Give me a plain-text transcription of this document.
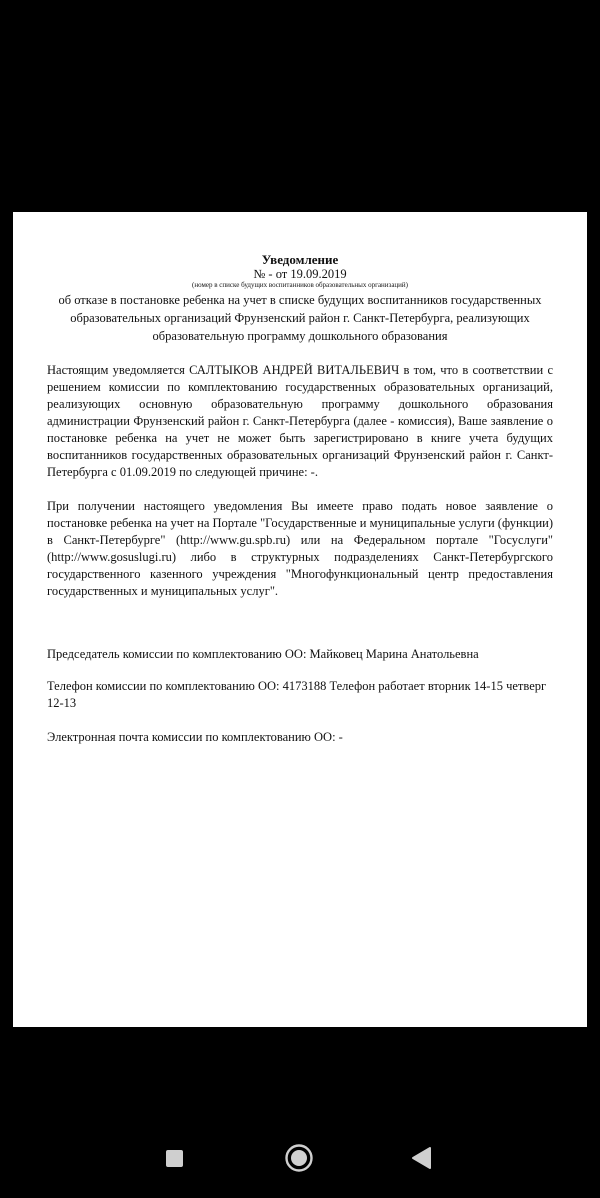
Уведомление

№ - от 19.09.2019

(номер в списке будущих воспитанников образовательных организаций)

об отказе в постановке ребенка на учет в списке будущих воспитанников государственных образовательных организаций Фрунзенский район г. Санкт-Петербурга, реализующих образовательную программу дошкольного образования

Настоящим уведомляется САЛТЫКОВ АНДРЕЙ ВИТАЛЬЕВИЧ в том, что в соответствии с решением комиссии по комплектованию государственных образовательных организаций, реализующих основную образовательную программу дошкольного образования администрации Фрунзенский район г. Санкт-Петербурга (далее - комиссия), Ваше заявление о постановке ребенка на учет не может быть зарегистрировано в книге учета будущих воспитанников государственных образовательных организаций Фрунзенский район г. Санкт-Петербурга с 01.09.2019 по следующей причине: -.

При получении настоящего уведомления Вы имеете право подать новое заявление о постановке ребенка на учет на Портале "Государственные и муниципальные услуги (функции) в Санкт-Петербурге" (http://www.gu.spb.ru) или на Федеральном портале "Госуслуги" (http://www.gosuslugi.ru) либо в структурных подразделениях Санкт-Петербургского государственного казенного учреждения "Многофункциональный центр предоставления государственных и муниципальных услуг".

Председатель комиссии по комплектованию ОО: Майковец Марина Анатольевна

Телефон комиссии по комплектованию ОО: 4173188 Телефон работает вторник 14-15 четверг 12-13

Электронная почта комиссии по комплектованию ОО: -
